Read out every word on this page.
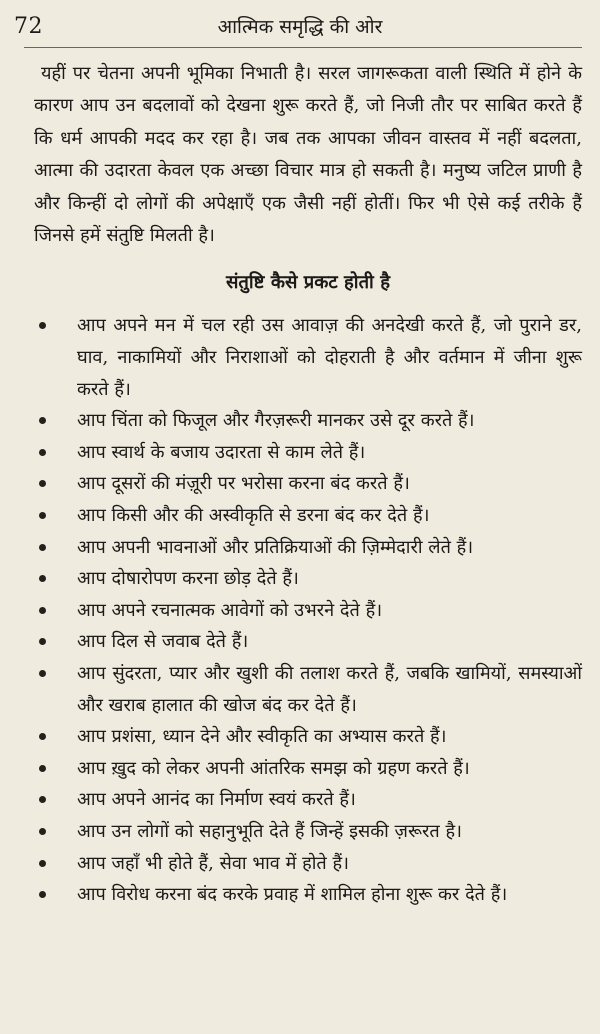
72	आत्मिक समृद्धि की ओर

यहीं पर चेतना अपनी भूमिका निभाती है। सरल जागरूकता वाली स्थिति में होने के कारण आप उन बदलावों को देखना शुरू करते हैं, जो निजी तौर पर साबित करते हैं कि धर्म आपकी मदद कर रहा है। जब तक आपका जीवन वास्तव में नहीं बदलता, आत्मा की उदारता केवल एक अच्छा विचार मात्र हो सकती है। मनुष्य जटिल प्राणी है और किन्हीं दो लोगों की अपेक्षाएँ एक जैसी नहीं होतीं। फिर भी ऐसे कई तरीके हैं जिनसे हमें संतुष्टि मिलती है।

संतुष्टि कैसे प्रकट होती है
आप अपने मन में चल रही उस आवाज़ की अनदेखी करते हैं, जो पुराने डर, घाव, नाकामियों और निराशाओं को दोहराती है और वर्तमान में जीना शुरू करते हैं।
आप चिंता को फिजूल और गैरज़रूरी मानकर उसे दूर करते हैं।
आप स्वार्थ के बजाय उदारता से काम लेते हैं।
आप दूसरों की मंज़ूरी पर भरोसा करना बंद करते हैं।
आप किसी और की अस्वीकृति से डरना बंद कर देते हैं।
आप अपनी भावनाओं और प्रतिक्रियाओं की ज़िम्मेदारी लेते हैं।
आप दोषारोपण करना छोड़ देते हैं।
आप अपने रचनात्मक आवेगों को उभरने देते हैं।
आप दिल से जवाब देते हैं।
आप सुंदरता, प्यार और खुशी की तलाश करते हैं, जबकि खामियों, समस्याओं और खराब हालात की खोज बंद कर देते हैं।
आप प्रशंसा, ध्यान देने और स्वीकृति का अभ्यास करते हैं।
आप ख़ुद को लेकर अपनी आंतरिक समझ को ग्रहण करते हैं।
आप अपने आनंद का निर्माण स्वयं करते हैं।
आप उन लोगों को सहानुभूति देते हैं जिन्हें इसकी ज़रूरत है।
आप जहाँ भी होते हैं, सेवा भाव में होते हैं।
आप विरोध करना बंद करके प्रवाह में शामिल होना शुरू कर देते हैं।
